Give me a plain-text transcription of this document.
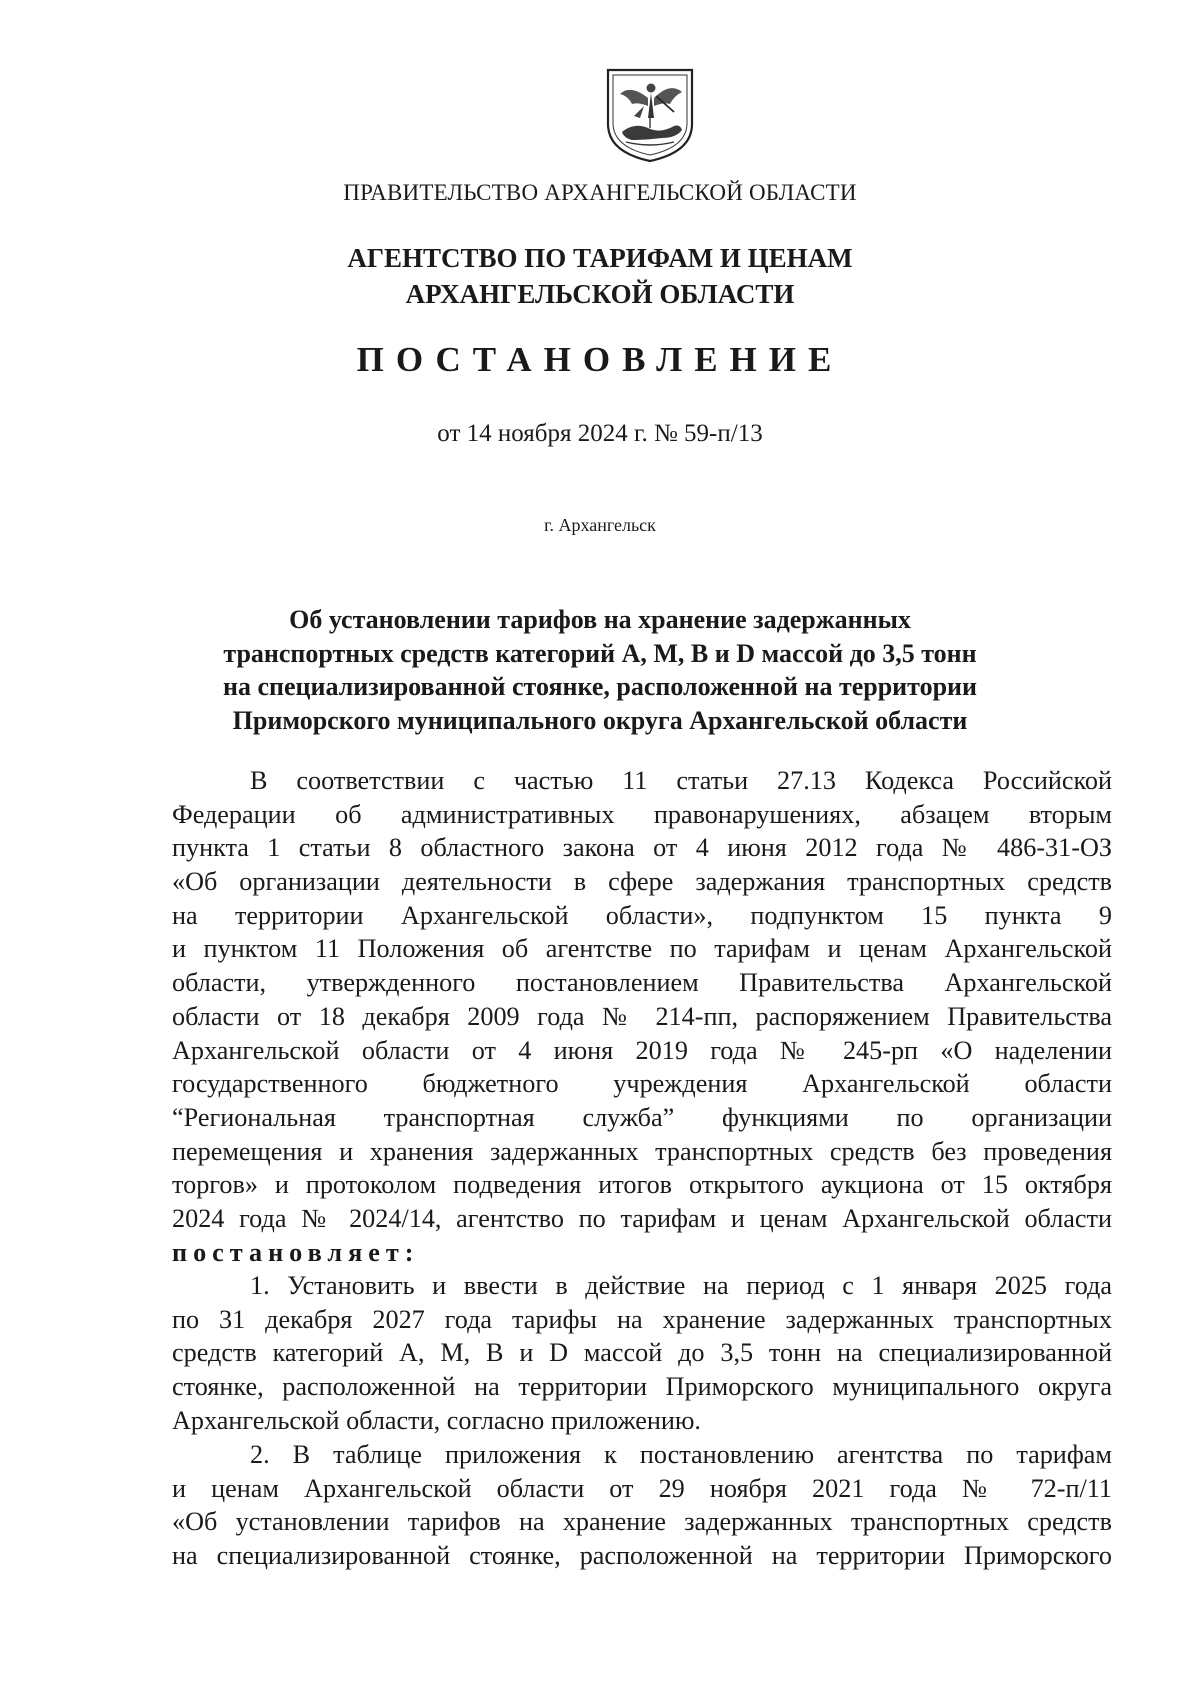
ПРАВИТЕЛЬСТВО АРХАНГЕЛЬСКОЙ ОБЛАСТИ
АГЕНТСТВО ПО ТАРИФАМ И ЦЕНАМ
АРХАНГЕЛЬСКОЙ ОБЛАСТИ
ПОСТАНОВЛЕНИЕ
от 14 ноября 2024 г. № 59-п/13
г. Архангельск
Об установлении тарифов на хранение задержанных
транспортных средств категорий A, M, B и D массой до 3,5 тонн
на специализированной стоянке, расположенной на территории
Приморского муниципального округа Архангельской области
В соответствии с частью 11 статьи 27.13 Кодекса Российской
Федерации об административных правонарушениях, абзацем вторым
пункта 1 статьи 8 областного закона от 4 июня 2012 года № 486-31-ОЗ
«Об организации деятельности в сфере задержания транспортных средств
на территории Архангельской области», подпунктом 15 пункта 9
и пунктом 11 Положения об агентстве по тарифам и ценам Архангельской
области, утвержденного постановлением Правительства Архангельской
области от 18 декабря 2009 года № 214-пп, распоряжением Правительства
Архангельской области от 4 июня 2019 года № 245-рп «О наделении
государственного бюджетного учреждения Архангельской области
“Региональная транспортная служба” функциями по организации
перемещения и хранения задержанных транспортных средств без проведения
торгов» и протоколом подведения итогов открытого аукциона от 15 октября
2024 года № 2024/14, агентство по тарифам и ценам Архангельской области
постановляет:
1. Установить и ввести в действие на период с 1 января 2025 года
по 31 декабря 2027 года тарифы на хранение задержанных транспортных
средств категорий A, M, B и D массой до 3,5 тонн на специализированной
стоянке, расположенной на территории Приморского муниципального округа
Архангельской области, согласно приложению.
2. В таблице приложения к постановлению агентства по тарифам
и ценам Архангельской области от 29 ноября 2021 года № 72-п/11
«Об установлении тарифов на хранение задержанных транспортных средств
на специализированной стоянке, расположенной на территории Приморского
